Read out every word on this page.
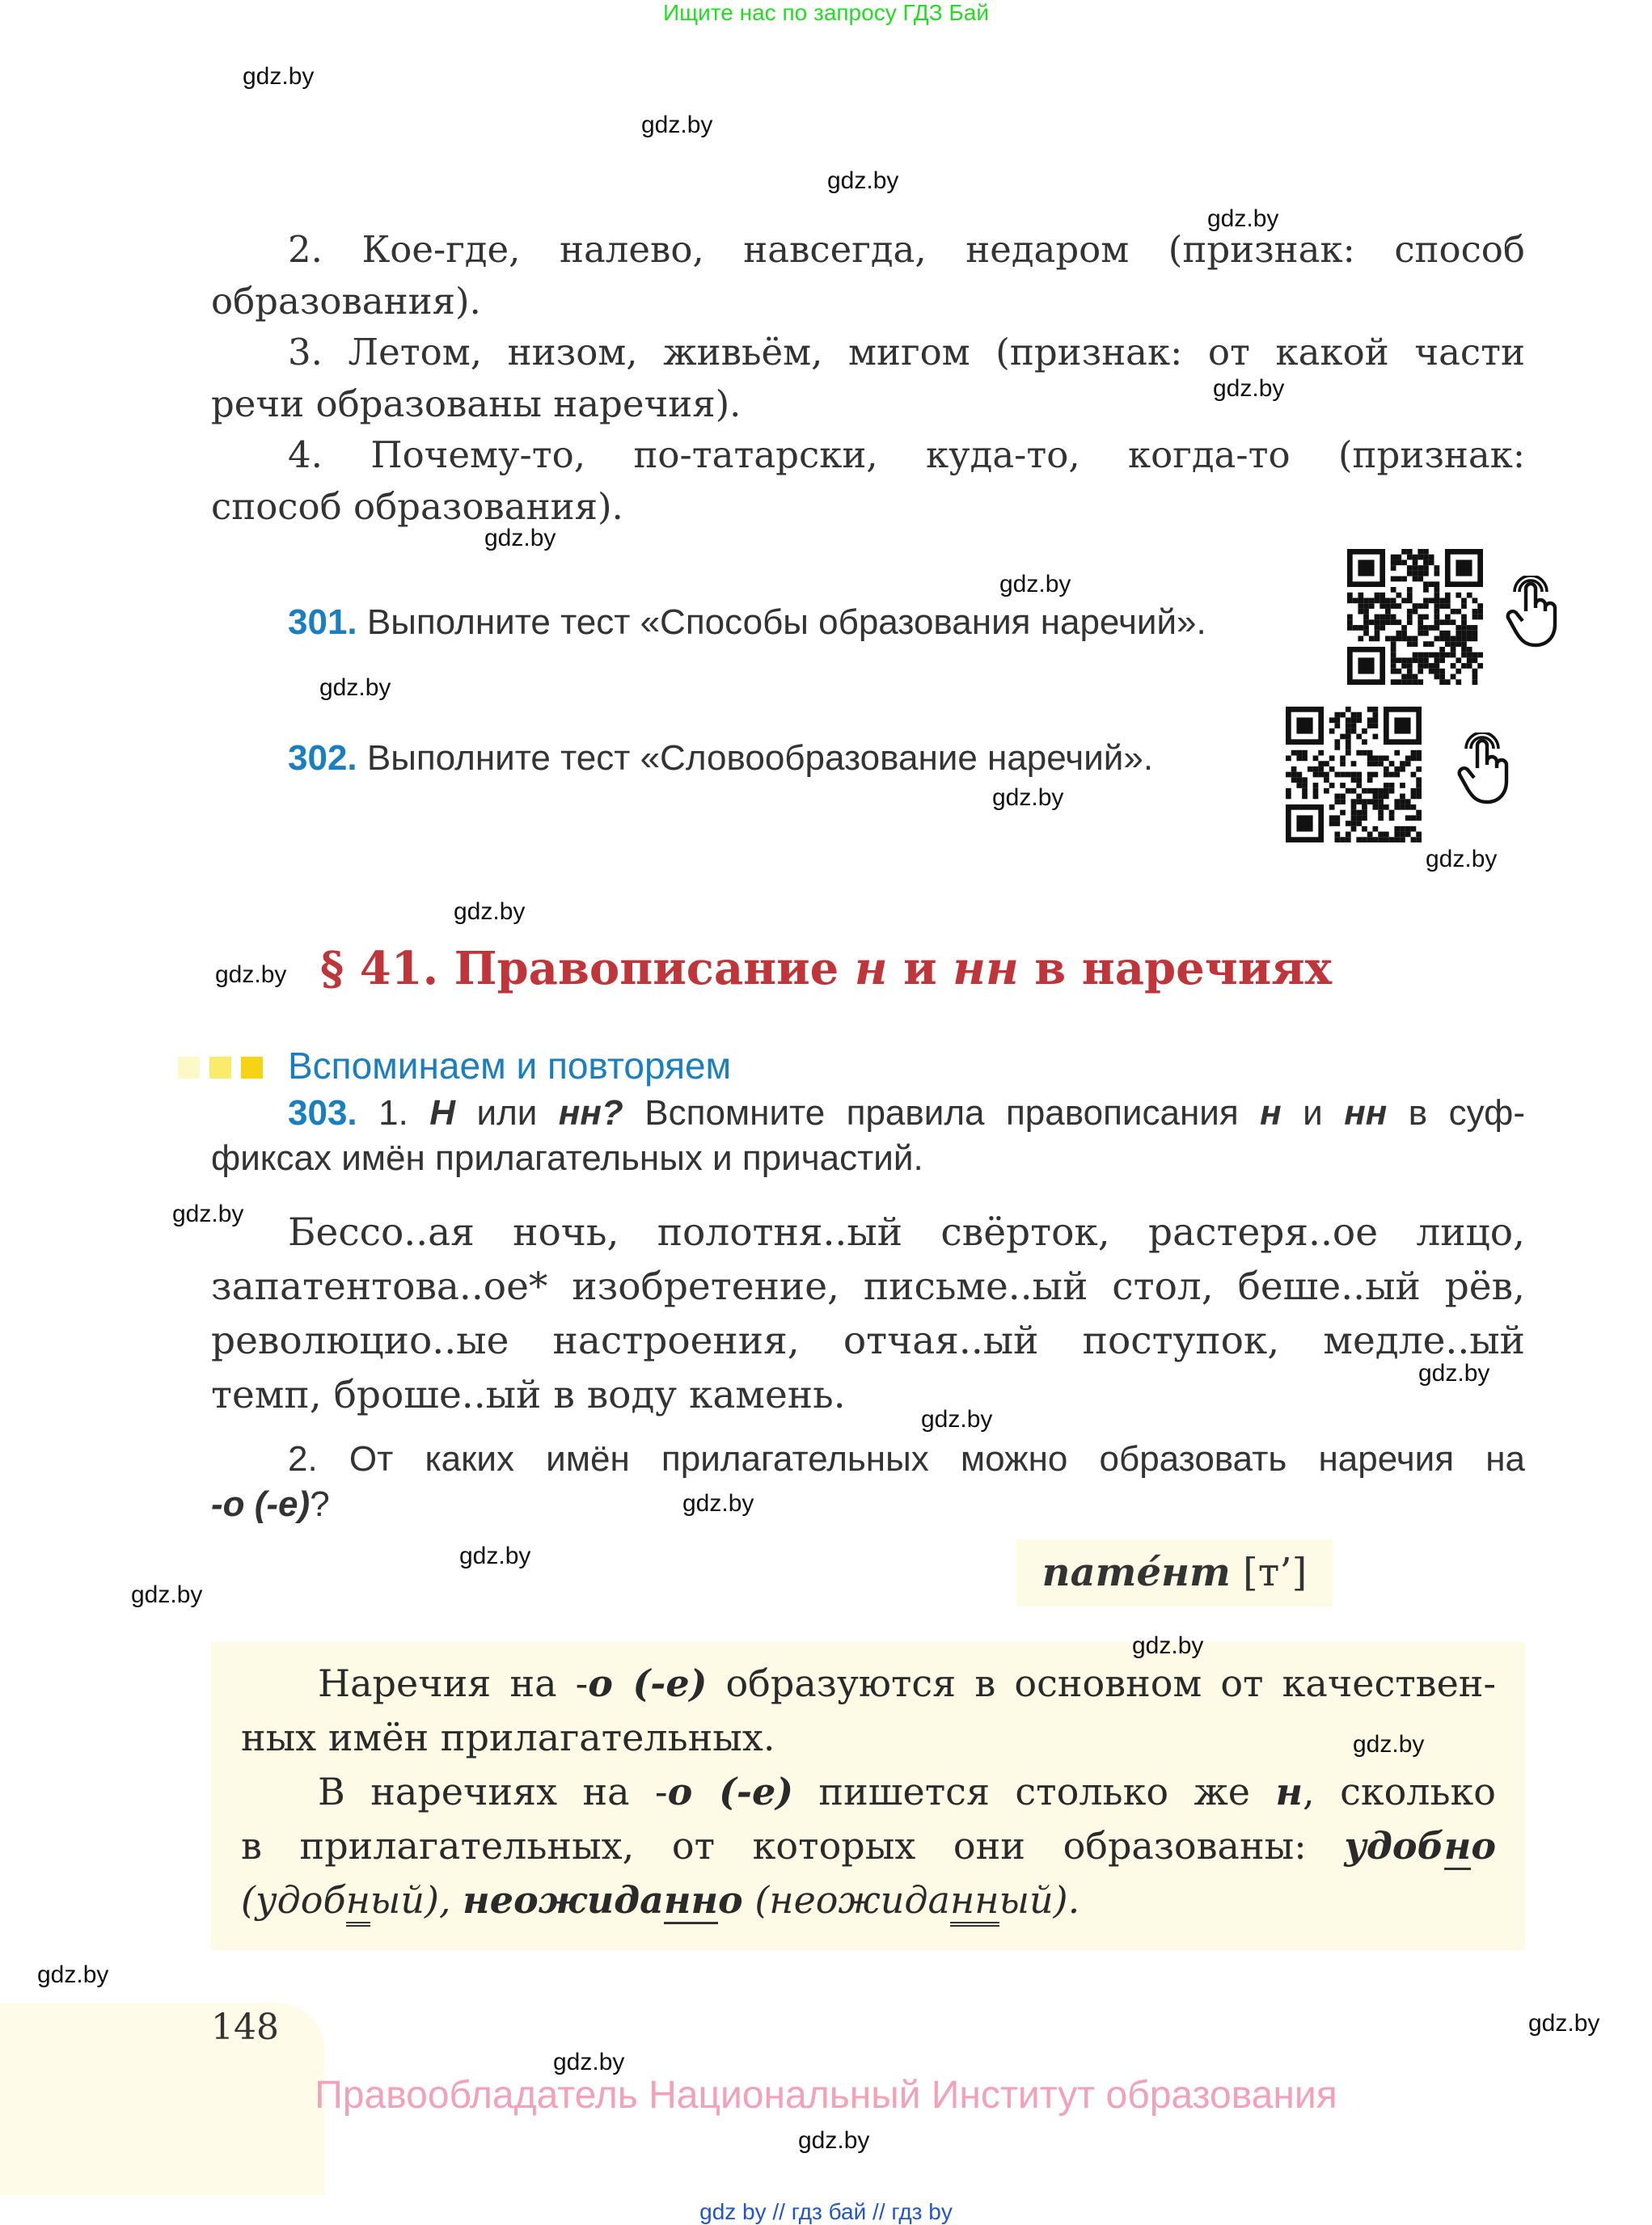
Ищите нас по запросу ГДЗ Бай
gdz.by
gdz.by
gdz.by
gdz.by
gdz.by
gdz.by
gdz.by
gdz.by
gdz.by
gdz.by
gdz.by
gdz.by
gdz.by
gdz.by
gdz.by
gdz.by
gdz.by
gdz.by
gdz.by
gdz.by
gdz.by
gdz.by
gdz.by
gdz.by
2. Кое-где, налево, навсегда, недаром (признак: способ
образования).
3. Летом, низом, живьём, мигом (признак: от какой части
речи образованы наречия).
4. Почему-то, по-татарски, куда-то, когда-то (признак:
способ образования).
301. Выполните тест «Способы образования наречий».
302. Выполните тест «Словообразование наречий».
§ 41. Правописание н и нн в наречиях
Вспоминаем и повторяем
303. 1. Н или нн? Вспомните правила правописания н и нн в суф-
фиксах имён прилагательных и причастий.
Бессо..ая ночь, полотня..ый свёрток, растеря..ое лицо,
запатентова..ое* изобретение, письме..ый стол, беше..ый рёв,
революцио..ые настроения, отчая..ый поступок, медле..ый
темп, броше..ый в воду камень.
2. От каких имён прилагательных можно образовать наречия на
-о (-е)?
пате́нт [т’]
Наречия на -о (-е) образуются в основном от качествен-
ных имён прилагательных.
В наречиях на -о (-е) пишется столько же н, сколько
в прилагательных, от которых они образованы: удобно
(удобный), неожиданно (неожиданный).
148
Правообладатель Национальный Институт образования
gdz by // гдз бай // гдз by
